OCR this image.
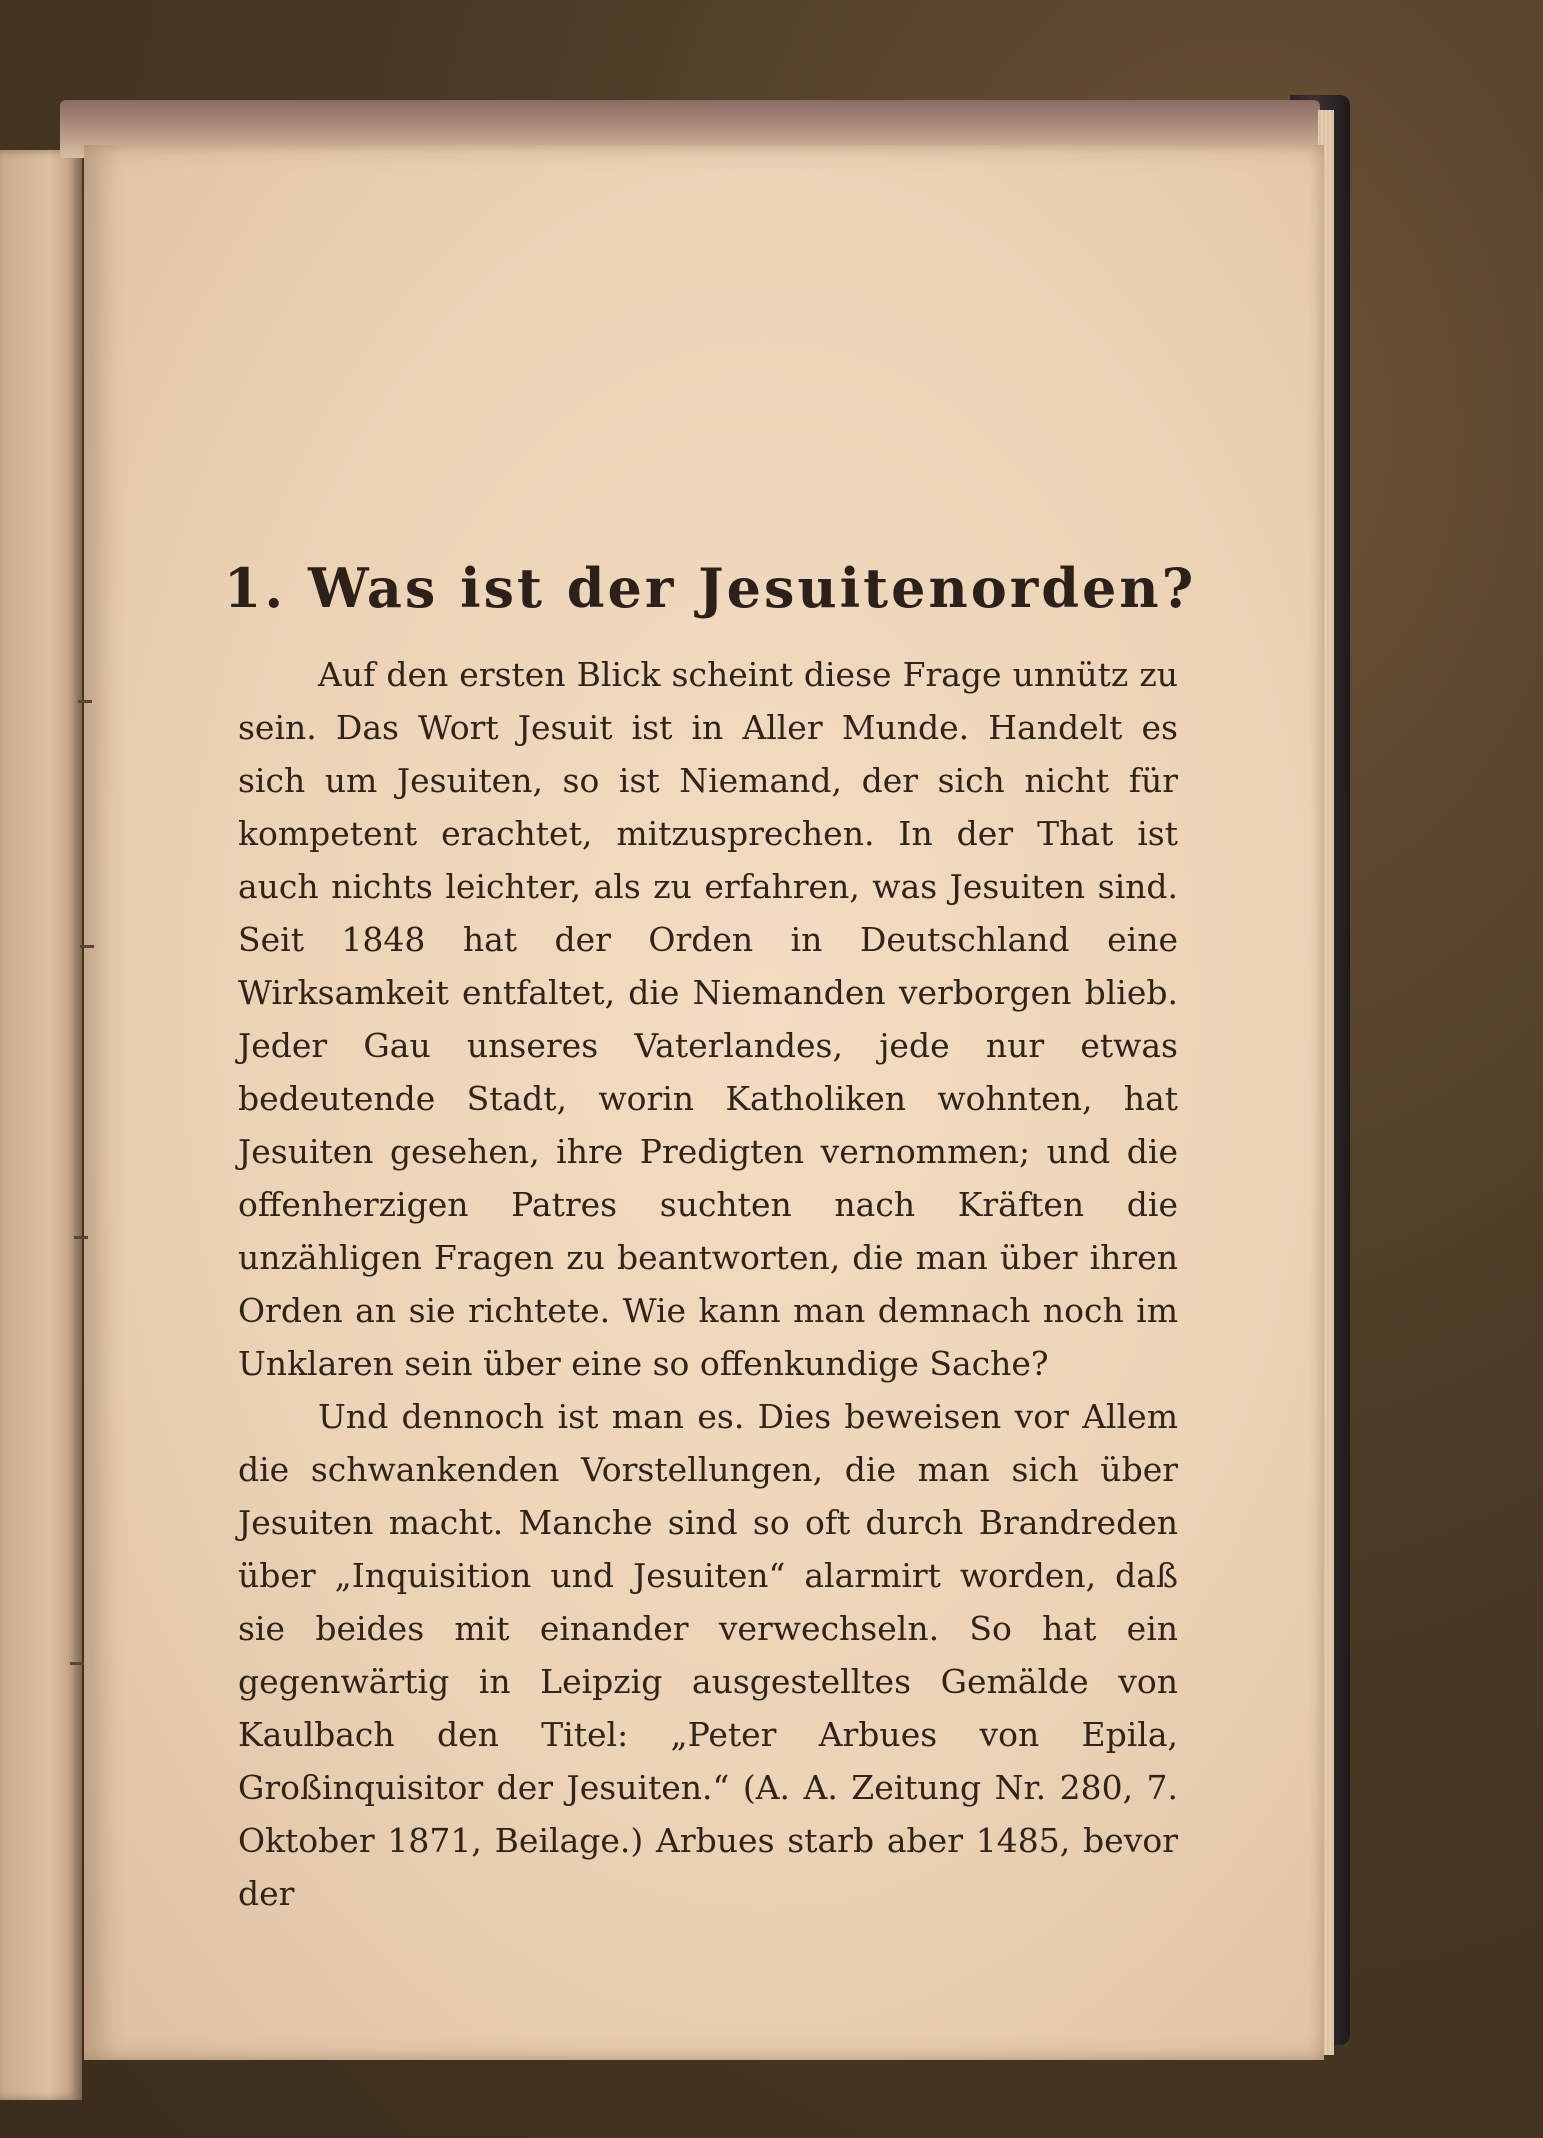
1. Was ist der Jesuitenorden?

Auf den ersten Blick scheint diese Frage unnütz zu sein. Das Wort Jesuit ist in Aller Munde. Handelt es sich um Jesuiten, so ist Niemand, der sich nicht für kompetent erachtet, mitzusprechen. In der That ist auch nichts leichter, als zu erfahren, was Jesuiten sind. Seit 1848 hat der Orden in Deutschland eine Wirksamkeit entfaltet, die Niemanden verborgen blieb. Jeder Gau unseres Vaterlandes, jede nur etwas bedeutende Stadt, worin Katholiken wohnten, hat Jesuiten gesehen, ihre Predigten vernommen; und die offenherzigen Patres suchten nach Kräften die unzähligen Fragen zu beantworten, die man über ihren Orden an sie richtete. Wie kann man demnach noch im Unklaren sein über eine so offenkundige Sache?

Und dennoch ist man es. Dies beweisen vor Allem die schwankenden Vorstellungen, die man sich über Jesuiten macht. Manche sind so oft durch Brandreden über „Inquisition und Jesuiten“ alarmirt worden, daß sie beides mit einander verwechseln. So hat ein gegenwärtig in Leipzig ausgestelltes Gemälde von Kaulbach den Titel: „Peter Arbues von Epila, Großinquisitor der Jesuiten.“ (A. A. Zeitung Nr. 280, 7. Oktober 1871, Beilage.) Arbues starb aber 1485, bevor der
